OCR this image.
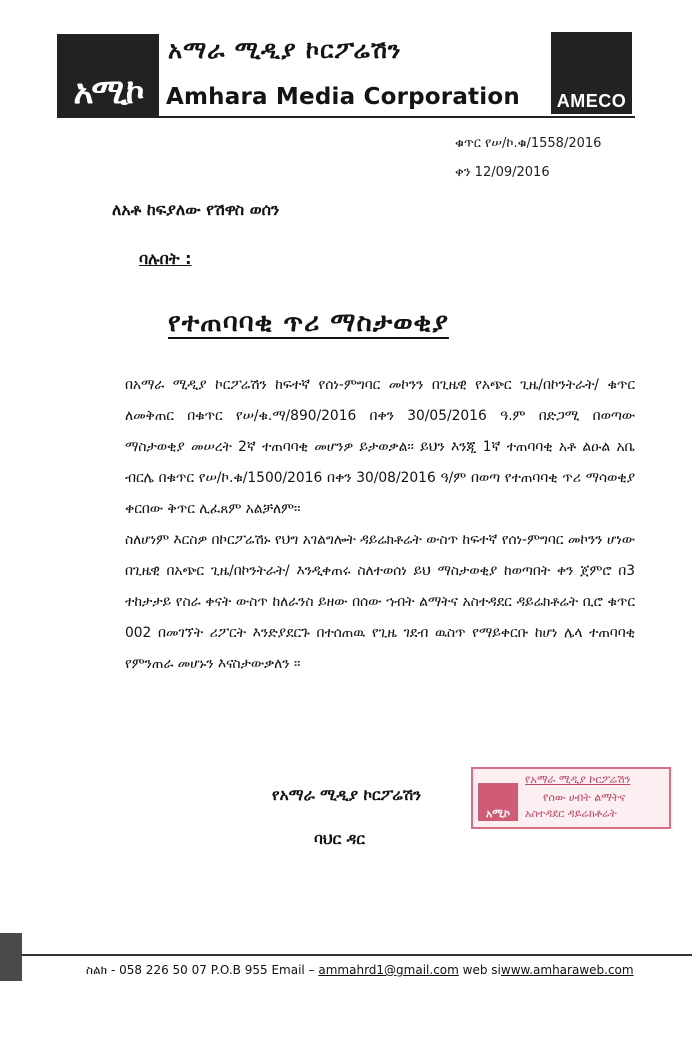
አሚኮ
አማራ ሚዲያ ኮርፖሬሽን
Amhara Media Corporation	AMECO
ቁጥር የሠ/ኮ.ቁ/1558/2016
ቀን 12/09/2016
ለአቶ ከፍያለው የሽዋስ ወሰን
ባሉበት :
የተጠባባቂ ጥሪ ማስታወቂያ
በአማራ ሚዲያ ኮርፖሬሽን ከፍተኛ የሰነ-ምግባር መኮንን በጊዜዊ የአጭር ጊዜ/በኮንትራት/ ቁጥር ለመቅጠር በቁጥር የሠ/ቁ.ማ/890/2016 በቀን 30/05/2016 ዓ.ም በድጋሚ በወጣው ማስታወቂያ መሠረት 2ኛ ተጠባባቂ መሆንዎ ይታወቃል፡፡ ይህን እንጂ 1ኛ ተጠባባቂ አቶ ልዑል አቤ ብርሌ በቁጥር የሠ/ኮ.ቁ/1500/2016 በቀን 30/08/2016 ዓ/ም በወጣ የተጠባባቂ ጥሪ ማሳወቂያ ቀርበው ቅጥር ሊፈጸም አልቻለም፡፡
ስለሆነም እርስዎ በኮርፖሬሽኑ የህግ አገልግሎት ዳይሬክቶሬት ውስጥ ከፍተኛ የሰነ-ምግባር መኮንን ሆነው በጊዜዊ በአጭር ጊዜ/በኮንትራት/ እንዲቀጠሩ ስለተወሰነ ይህ ማስታወቂያ ከወጣበት ቀን ጀምሮ በ3 ተከታታይ የስራ ቀናት ውስጥ ከለራንስ ይዘው በሰው ኀብት ልማትና አስተዳደር ዳይሬክቶሬት ቢሮ ቁጥር 002 በመገኘት ሪፖርት እንድያደርጉ በተሰጠዉ የጊዜ ገደብ ዉስጥ የማይቀርቡ ከሆነ ሌላ ተጠባባቂ የምንጠራ መሆኑን እናስታውቃለን ፡፡
የአማራ ሚዲያ ኮርፖሬሽን
ባህር ዳር
አሚኮ
የአማራ ሚዲያ ኮርፖሬሽን
የሰው ሀብት ልማትና
አስተዳደር ዳይሬክቶሬት
ስልክ - 058 226 50 07 P.O.B 955 Email – ammahrd1@gmail.com web siwww.amharaweb.com
